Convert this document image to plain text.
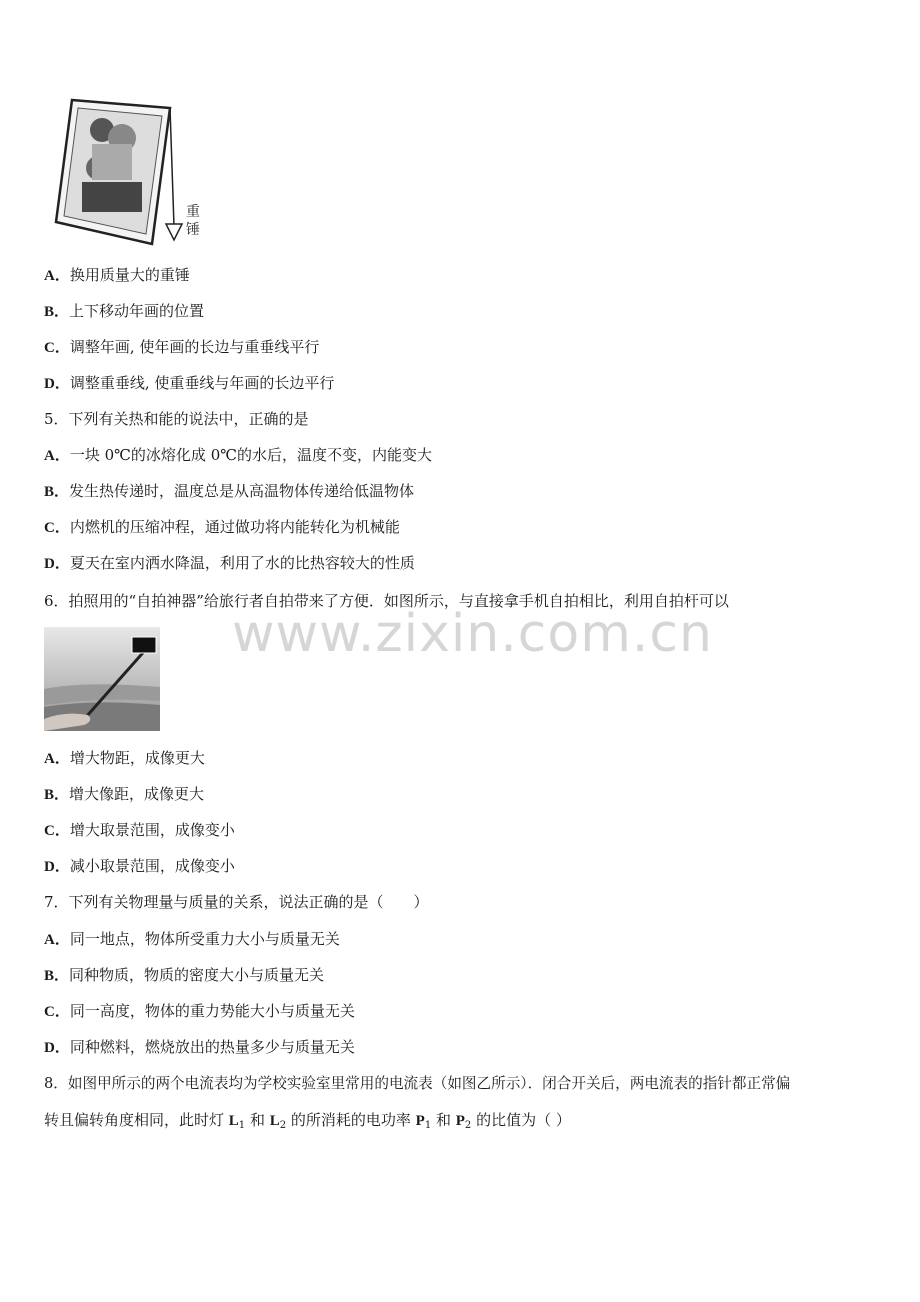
重
锤
A．换用质量大的重锤
B．上下移动年画的位置
C．调整年画, 使年画的长边与重垂线平行
D．调整重垂线, 使重垂线与年画的长边平行
5．下列有关热和能的说法中，正确的是
A．一块 0℃的冰熔化成 0℃的水后，温度不变，内能变大
B．发生热传递时，温度总是从高温物体传递给低温物体
C．内燃机的压缩冲程，通过做功将内能转化为机械能
D．夏天在室内洒水降温，利用了水的比热容较大的性质
6．拍照用的“自拍神器”给旅行者自拍带来了方便．如图所示，与直接拿手机自拍相比，利用自拍杆可以
www.zixin.com.cn
A．增大物距，成像更大
B．增大像距，成像更大
C．增大取景范围，成像变小
D．减小取景范围，成像变小
7．下列有关物理量与质量的关系，说法正确的是（　　）
A．同一地点，物体所受重力大小与质量无关
B．同种物质，物质的密度大小与质量无关
C．同一高度，物体的重力势能大小与质量无关
D．同种燃料，燃烧放出的热量多少与质量无关
8．如图甲所示的两个电流表均为学校实验室里常用的电流表（如图乙所示）．闭合开关后，两电流表的指针都正常偏
转且偏转角度相同，此时灯 $L_1$ 和 $L_2$ 的所消耗的电功率 $P_1$ 和 $P_2$ 的比值为（ ）
